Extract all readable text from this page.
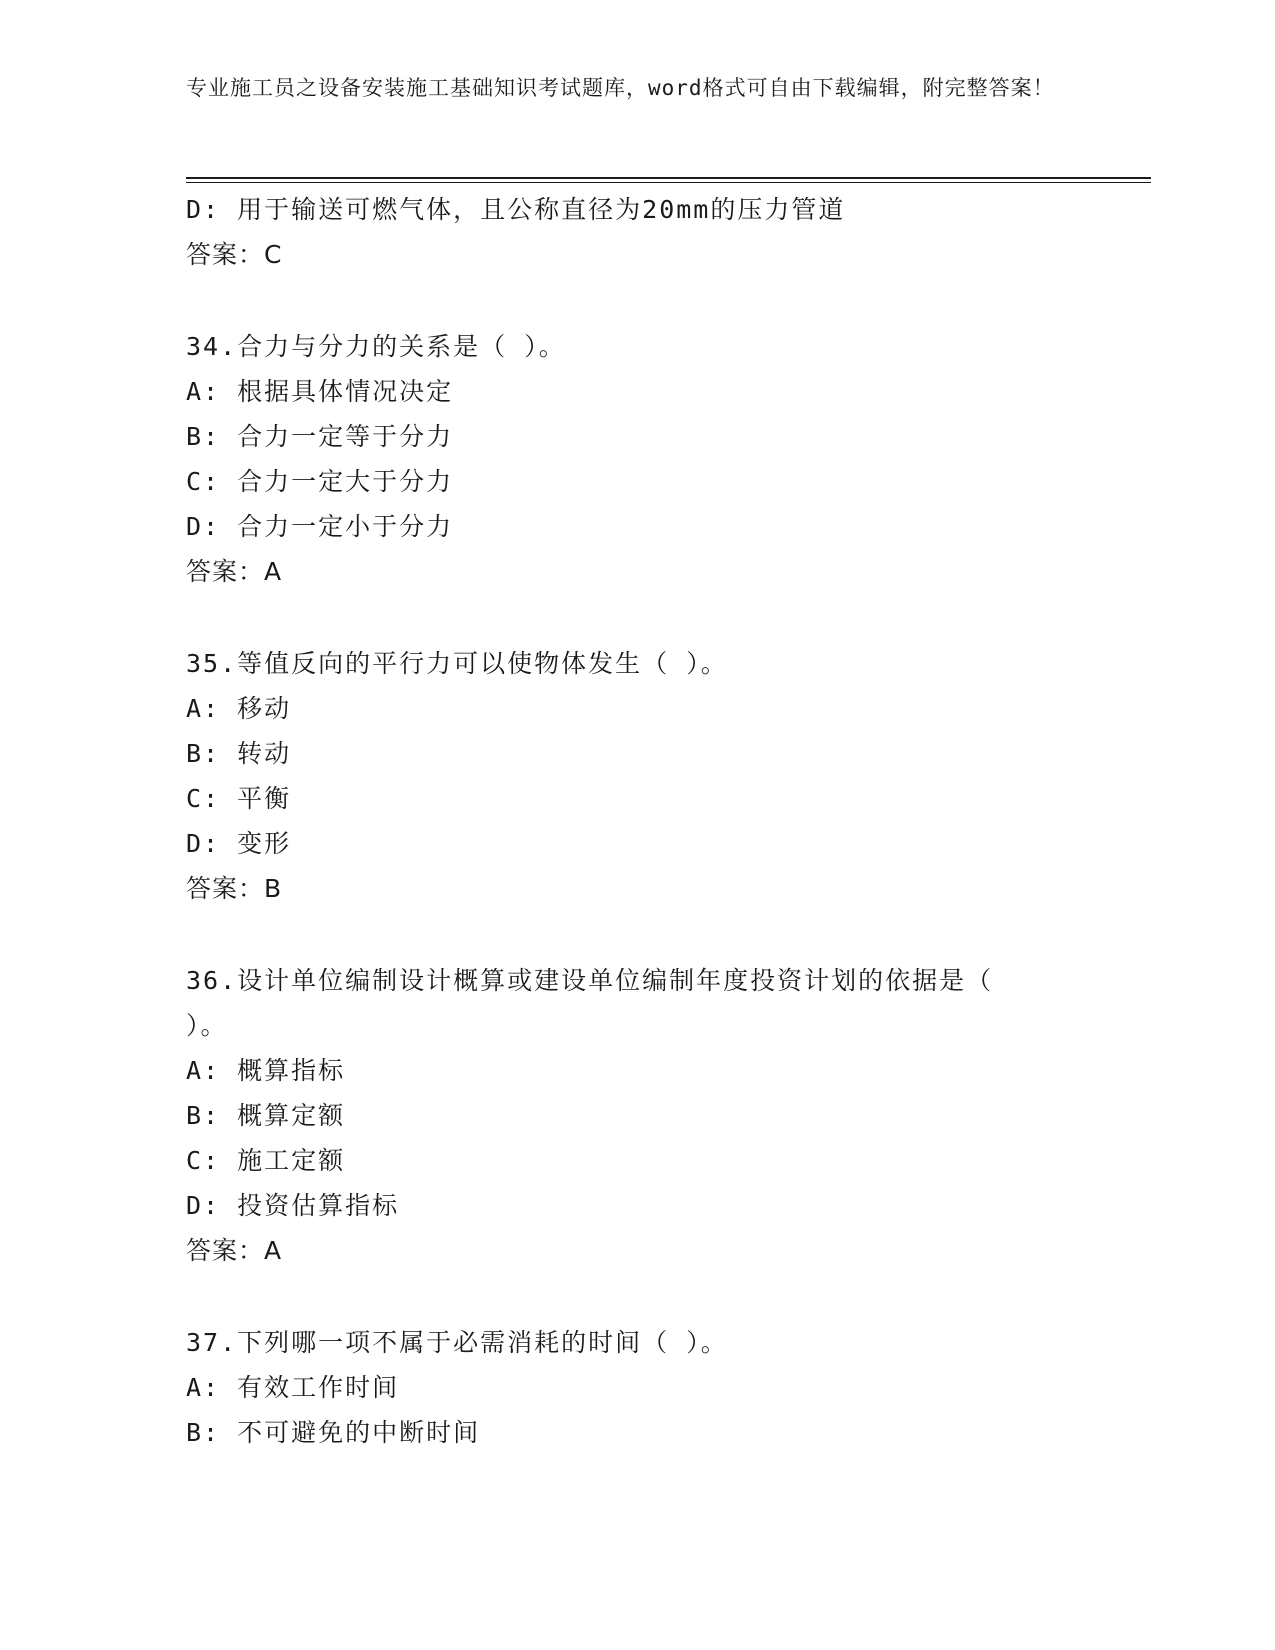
专业施工员之设备安装施工基础知识考试题库，word格式可自由下载编辑，附完整答案！
D: 用于输送可燃气体，且公称直径为20mm的压力管道
答案：C
34.合力与分力的关系是（ ）。
A: 根据具体情况决定
B: 合力一定等于分力
C: 合力一定大于分力
D: 合力一定小于分力
答案：A
35.等值反向的平行力可以使物体发生（ ）。
A: 移动
B: 转动
C: 平衡
D: 变形
答案：B
36.设计单位编制设计概算或建设单位编制年度投资计划的依据是（ ）。
A: 概算指标
B: 概算定额
C: 施工定额
D: 投资估算指标
答案：A
37.下列哪一项不属于必需消耗的时间（ ）。
A: 有效工作时间
B: 不可避免的中断时间
